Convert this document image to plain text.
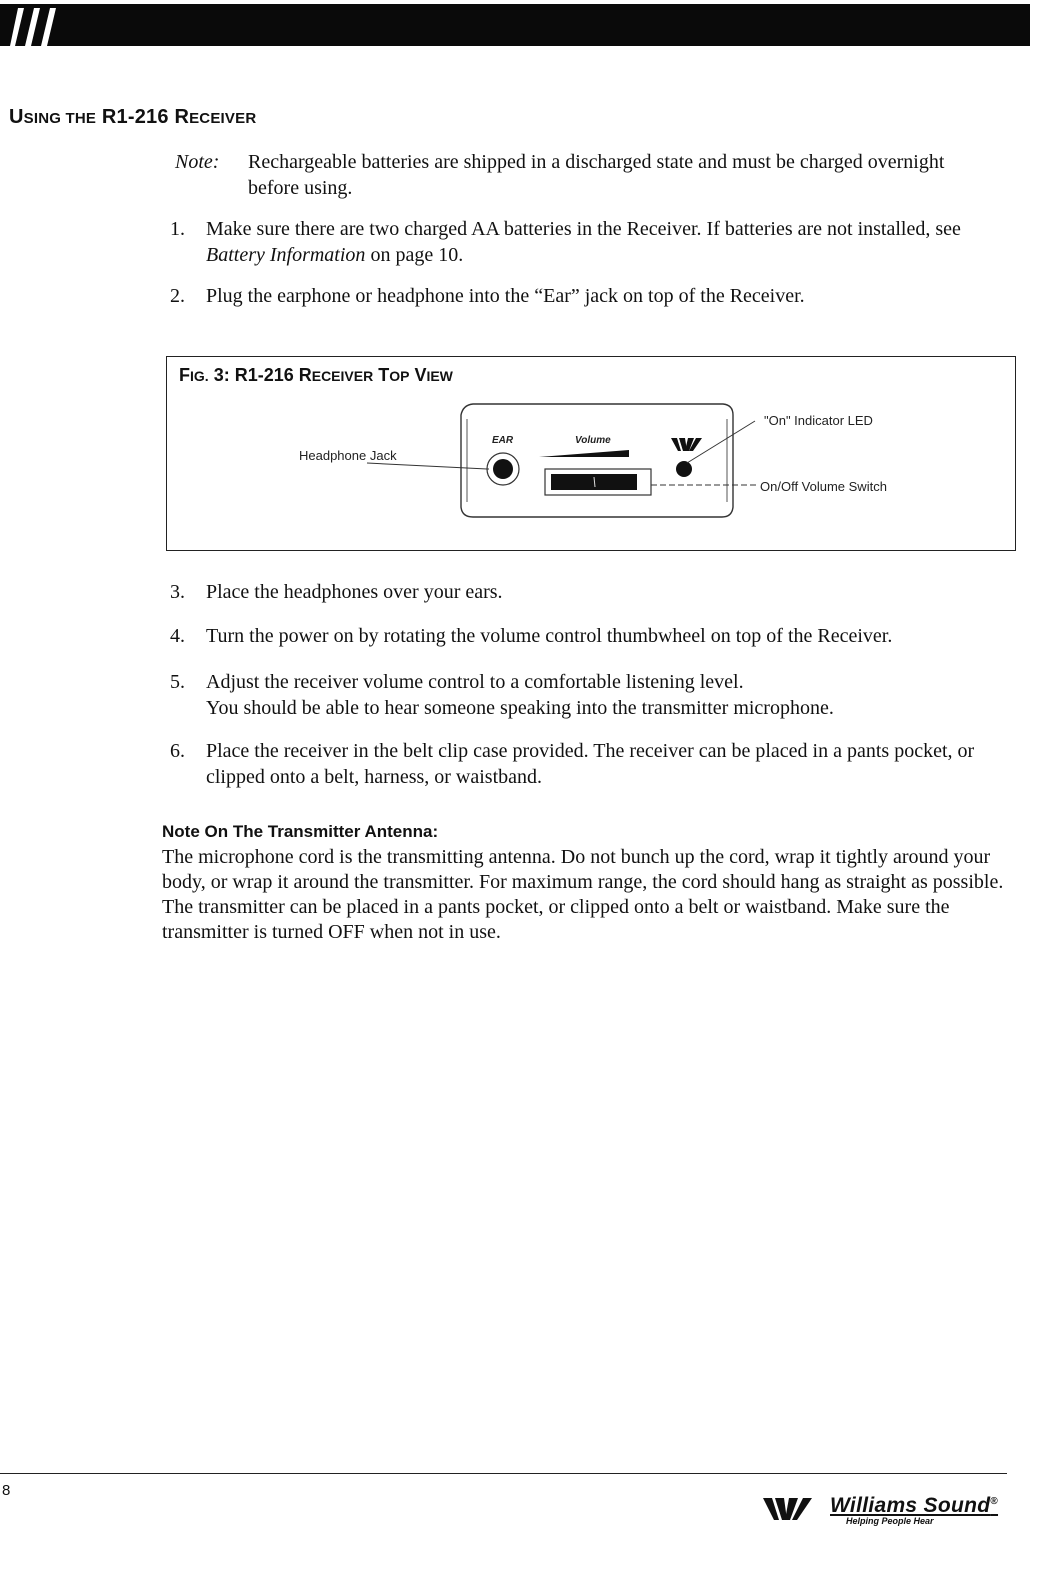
USING THE R1-216 RECEIVER
Note: Rechargeable batteries are shipped in a discharged state and must be charged overnight before using.
1. Make sure there are two charged AA batteries in the Receiver. If batteries are not installed, see Battery Information on page 10.
2. Plug the earphone or headphone into the “Ear” jack on top of the Receiver.
FIG. 3: R1-216 RECEIVER TOP VIEW
Headphone Jack
"On" Indicator LED
On/Off Volume Switch
EAR	Volume
3. Place the headphones over your ears.
4. Turn the power on by rotating the volume control thumbwheel on top of the Receiver.
5. Adjust the receiver volume control to a comfortable listening level.
You should be able to hear someone speaking into the transmitter microphone.
6. Place the receiver in the belt clip case provided. The receiver can be placed in a pants pocket, or clipped onto a belt, harness, or waistband.
Note On The Transmitter Antenna:
The microphone cord is the transmitting antenna. Do not bunch up the cord, wrap it tightly around your body, or wrap it around the transmitter. For maximum range, the cord should hang as straight as possible. The transmitter can be placed in a pants pocket, or clipped onto a belt or waistband. Make sure the transmitter is turned OFF when not in use.
8
Williams Sound®
Helping People Hear
